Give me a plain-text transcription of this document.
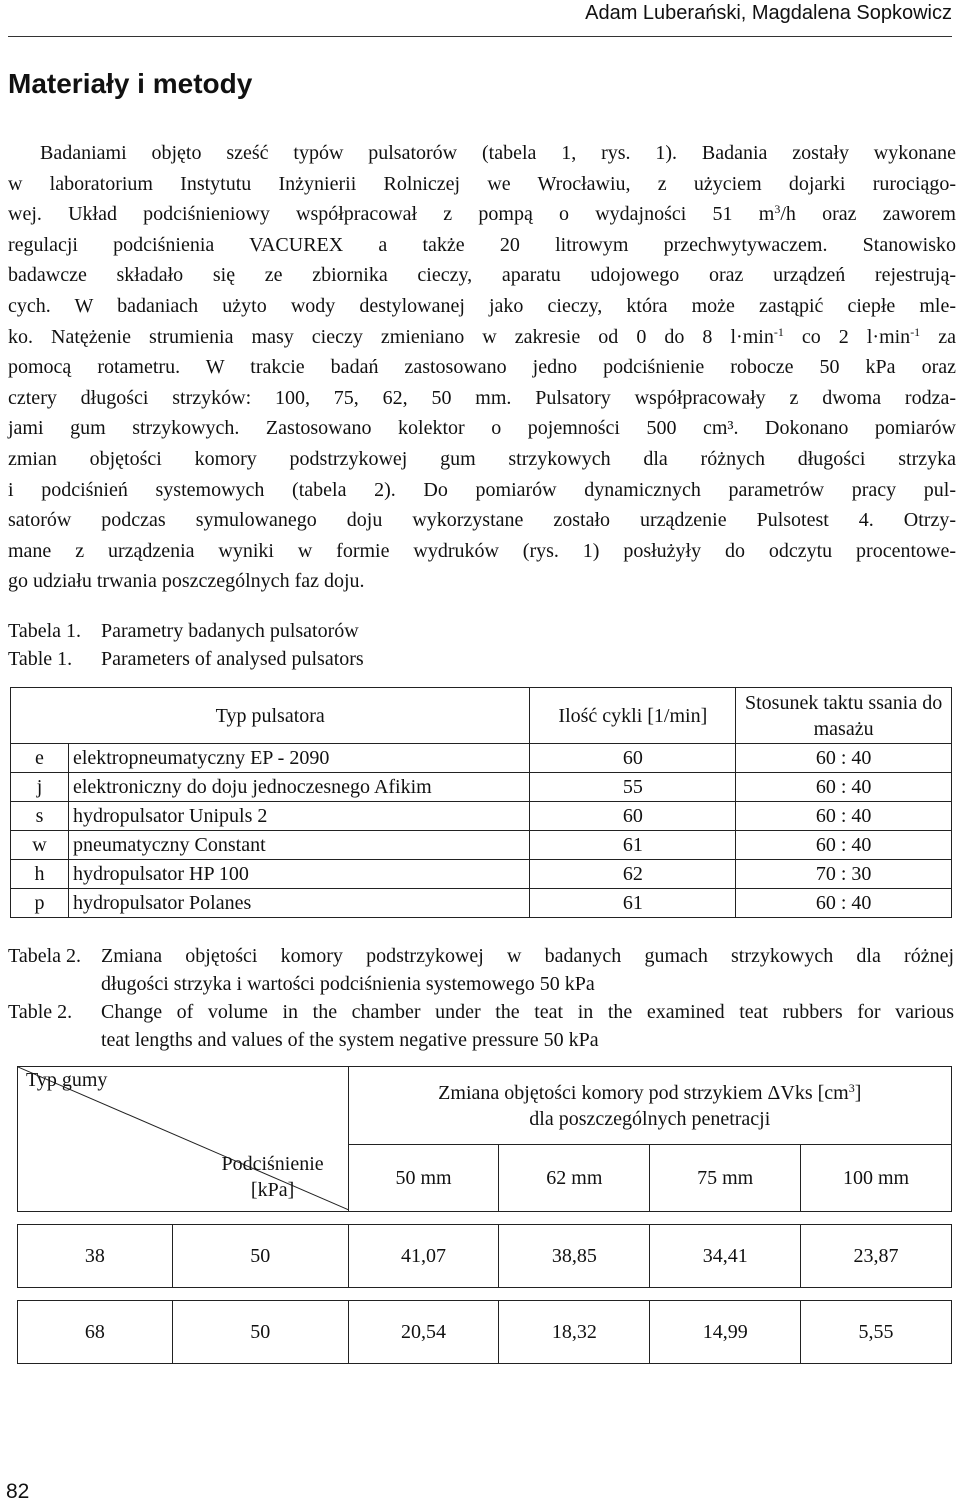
Adam Luberański, Magdalena Sopkowicz
Materiały i metody
Badaniami objęto sześć typów pulsatorów (tabela 1, rys. 1). Badania zostały wykonane
w laboratorium Instytutu Inżynierii Rolniczej we Wrocławiu, z użyciem dojarki rurociągo-
wej. Układ podciśnieniowy współpracował z pompą o wydajności 51 $m^3/h$ oraz zaworem
regulacji podciśnienia VACUREX a także 20 litrowym przechwytywaczem. Stanowisko
badawcze składało się ze zbiornika cieczy, aparatu udojowego oraz urządzeń rejestrują-
cych. W badaniach użyto wody destylowanej jako cieczy, która może zastąpić ciepłe mle-
ko. Natężenie strumienia masy cieczy zmieniano w zakresie od 0 do 8 $l\cdot\min^{-1}$ co 2 $l\cdot\min^{-1}$ za
pomocą rotametru. W trakcie badań zastosowano jedno podciśnienie robocze 50 kPa oraz
cztery długości strzyków: 100, 75, 62, 50 mm. Pulsatory współpracowały z dwoma rodza-
jami gum strzykowych. Zastosowano kolektor o pojemności 500 cm³. Dokonano pomiarów
zmian objętości komory podstrzykowej gum strzykowych dla różnych długości strzyka
i podciśnień systemowych (tabela 2). Do pomiarów dynamicznych parametrów pracy pul-
satorów podczas symulowanego doju wykorzystane zostało urządzenie Pulsotest 4. Otrzy-
mane z urządzenia wyniki w formie wydruków (rys. 1) posłużyły do odczytu procentowe-
go udziału trwania poszczególnych faz doju.
Tabela 1. Parametry badanych pulsatorów
Table 1.	Parameters of analysed pulsators
Typ pulsatora		Ilość cykli [1/min]	Stosunek taktu ssania do masażu
e	elektropneumatyczny EP - 2090	60	60 : 40
j	elektroniczny do doju jednoczesnego Afikim	55	60 : 40
s	hydropulsator Unipuls 2	60	60 : 40
w	pneumatyczny Constant	61	60 : 40
h	hydropulsator HP 100	62	70 : 30
p	hydropulsator Polanes	61	60 : 40
Tabela 2. Zmiana objętości komory podstrzykowej w badanych gumach strzykowych dla różnej
długości strzyka i wartości podciśnienia systemowego 50 kPa
Table 2.	Change of volume in the chamber under the teat in the examined teat rubbers for various
teat lengths and values of the system negative pressure 50 kPa
Typ gumy
Podciśnienie [kPa]		Zmiana objętości komory pod strzykiem ΔVks $[cm^3]$
dla poszczególnych penetracji			
		50 mm	62 mm	75 mm	100 mm

38	50	41,07	38,85	34,41	23,87

68	50	20,54	18,32	14,99	5,55
82
